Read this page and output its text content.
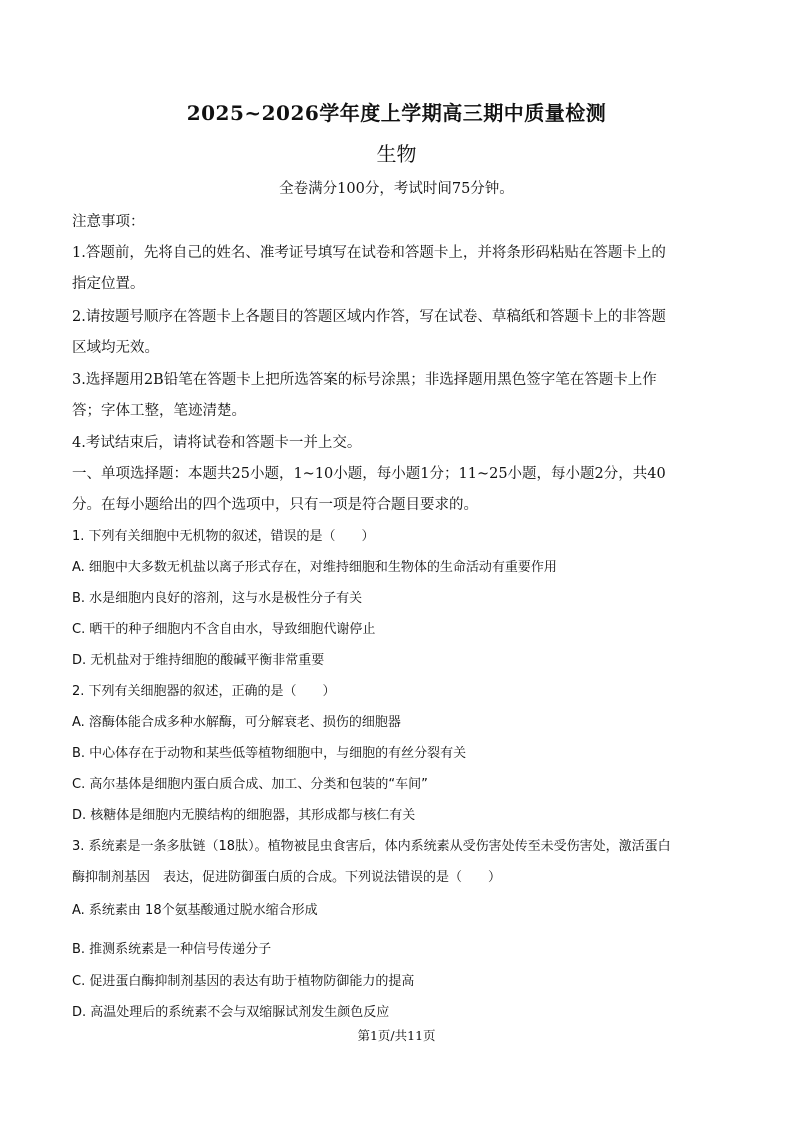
2025~2026学年度上学期高三期中质量检测
生物
全卷满分100分，考试时间75分钟。
注意事项：
1.答题前，先将自己的姓名、准考证号填写在试卷和答题卡上，并将条形码粘贴在答题卡上的
指定位置。
2.请按题号顺序在答题卡上各题目的答题区域内作答，写在试卷、草稿纸和答题卡上的非答题
区域均无效。
3.选择题用2B铅笔在答题卡上把所选答案的标号涂黑；非选择题用黑色签字笔在答题卡上作
答；字体工整，笔迹清楚。
4.考试结束后，请将试卷和答题卡一并上交。
一、单项选择题：本题共25小题，1~10小题，每小题1分；11~25小题，每小题2分，共40
分。在每小题给出的四个选项中，只有一项是符合题目要求的。
1. 下列有关细胞中无机物的叙述，错误的是（　　）
A. 细胞中大多数无机盐以离子形式存在，对维持细胞和生物体的生命活动有重要作用
B. 水是细胞内良好的溶剂，这与水是极性分子有关
C. 晒干的种子细胞内不含自由水，导致细胞代谢停止
D. 无机盐对于维持细胞的酸碱平衡非常重要
2. 下列有关细胞器的叙述，正确的是（　　）
A. 溶酶体能合成多种水解酶，可分解衰老、损伤的细胞器
B. 中心体存在于动物和某些低等植物细胞中，与细胞的有丝分裂有关
C. 高尔基体是细胞内蛋白质合成、加工、分类和包装的“车间”
D. 核糖体是细胞内无膜结构的细胞器，其形成都与核仁有关
3. 系统素是一条多肽链（18肽）。植物被昆虫食害后，体内系统素从受伤害处传至未受伤害处，激活蛋白
酶抑制剂基因　表达，促进防御蛋白质的合成。下列说法错误的是（　　）
A. 系统素由 18个氨基酸通过脱水缩合形成
B. 推测系统素是一种信号传递分子
C. 促进蛋白酶抑制剂基因的表达有助于植物防御能力的提高
D. 高温处理后的系统素不会与双缩脲试剂发生颜色反应
第1页/共11页
